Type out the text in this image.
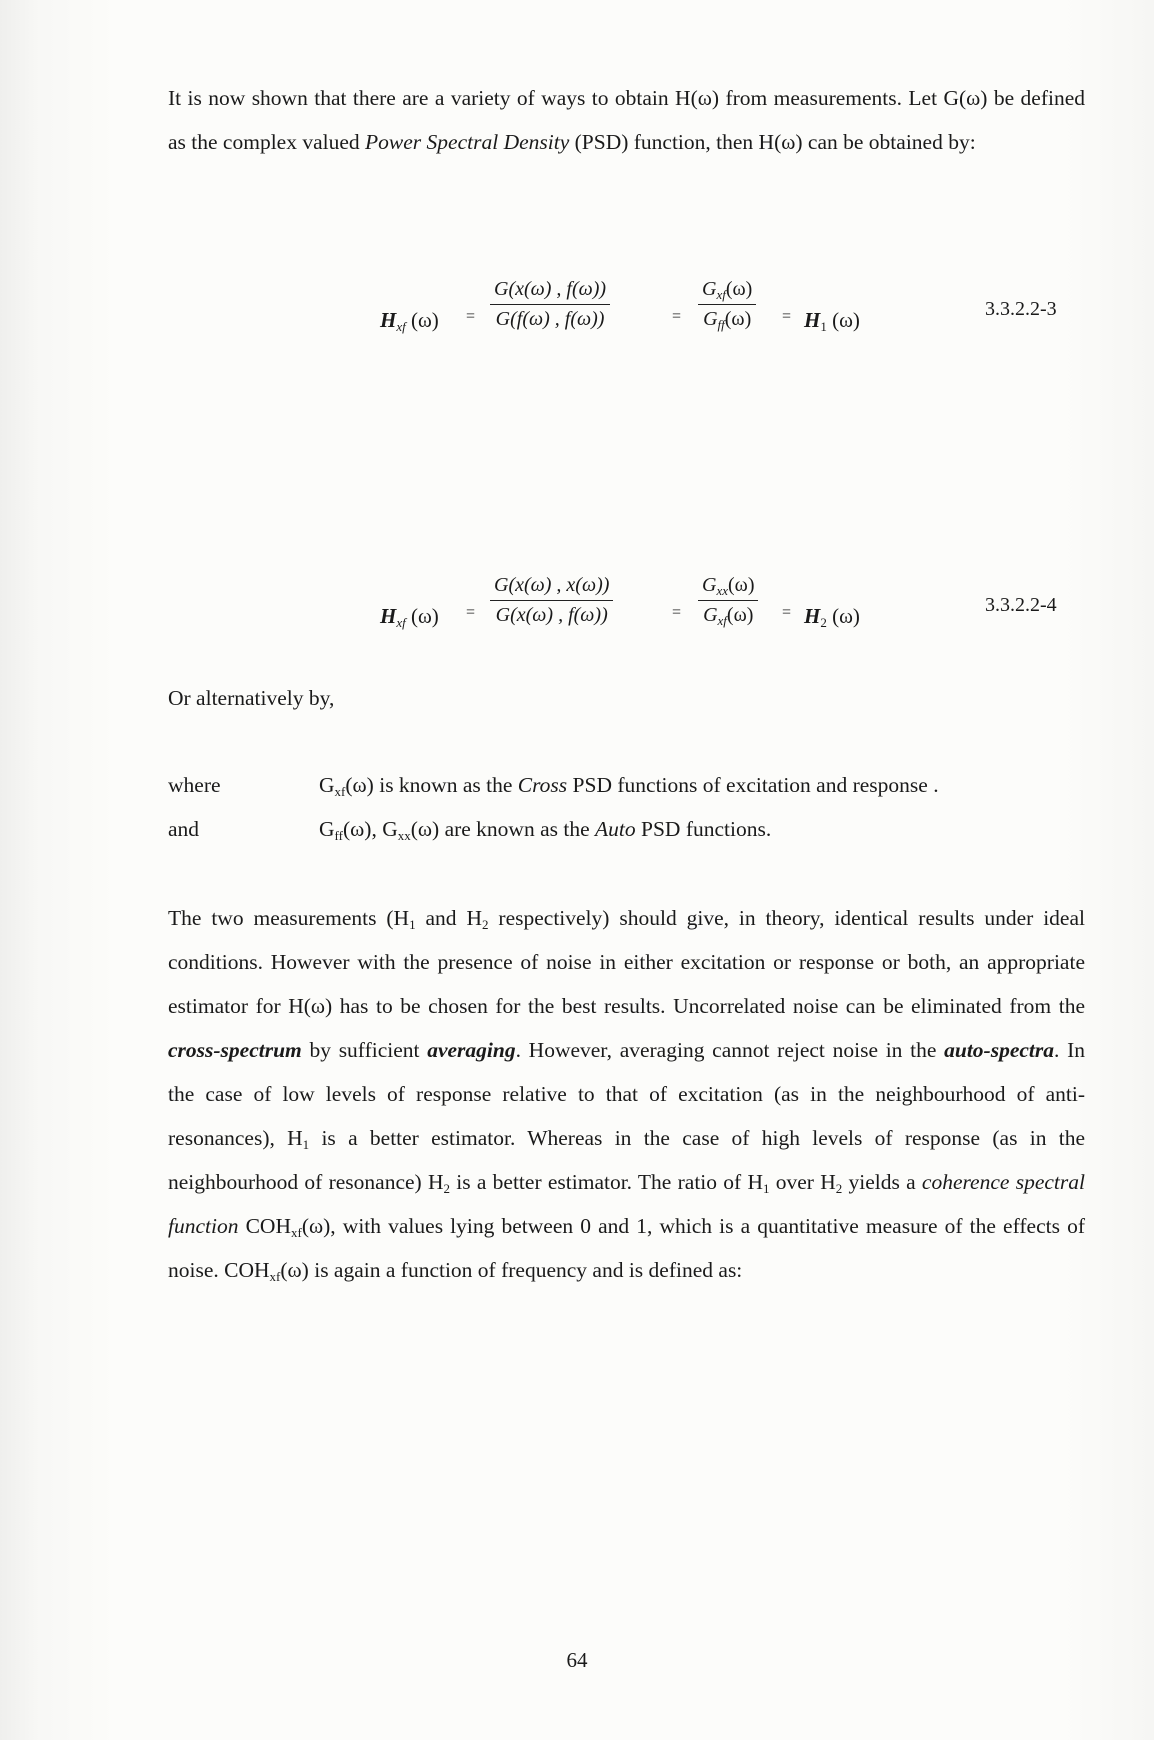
It is now shown that there are a variety of ways to obtain H(ω) from measurements. Let G(ω) be defined as the complex valued Power Spectral Density (PSD) function, then H(ω) can be obtained by:
$H_{xf}$ $(\omega) = \frac{G(x(\omega) , f(\omega))}{G(f(\omega) , f(\omega))}$	=
$G_{xf}(\omega)$
$G_{ff}(\omega)$	= $H_1$ (ω)	3.3.2.2-3
$H_{xf}$ $(\omega) = \frac{G(x(\omega) , x(\omega))}{G(x(\omega) , f(\omega))}$	=
$G_{xx}(\omega)$
$G_{xf}(\omega)$	= $H_2$ (ω)	3.3.2.2-4
Or alternatively by,
where	$G_{xf}(\omega)$ is known as the Cross PSD functions of excitation and response .
and	$G_{ff}(\omega)$, $G_{xx}(\omega)$ are known as the Auto PSD functions.
The two measurements ($H_1$ and $H_2$ respectively) should give, in theory, identical results under ideal conditions. However with the presence of noise in either excitation or response or both, an appropriate estimator for H(ω) has to be chosen for the best results. Uncorrelated noise can be eliminated from the cross-spectrum by sufficient averaging. However, averaging cannot reject noise in the auto-spectra. In the case of low levels of response relative to that of excitation (as in the neighbourhood of anti-resonances), $H_1$ is a better estimator. Whereas in the case of high levels of response (as in the neighbourhood of resonance) $H_2$ is a better estimator. The ratio of $H_1$ over $H_2$ yields a coherence spectral function $COH_{xf}(\omega)$, with values lying between 0 and 1, which is a quantitative measure of the effects of noise. $COH_{xf}(\omega)$ is again a function of frequency and is defined as:
64
